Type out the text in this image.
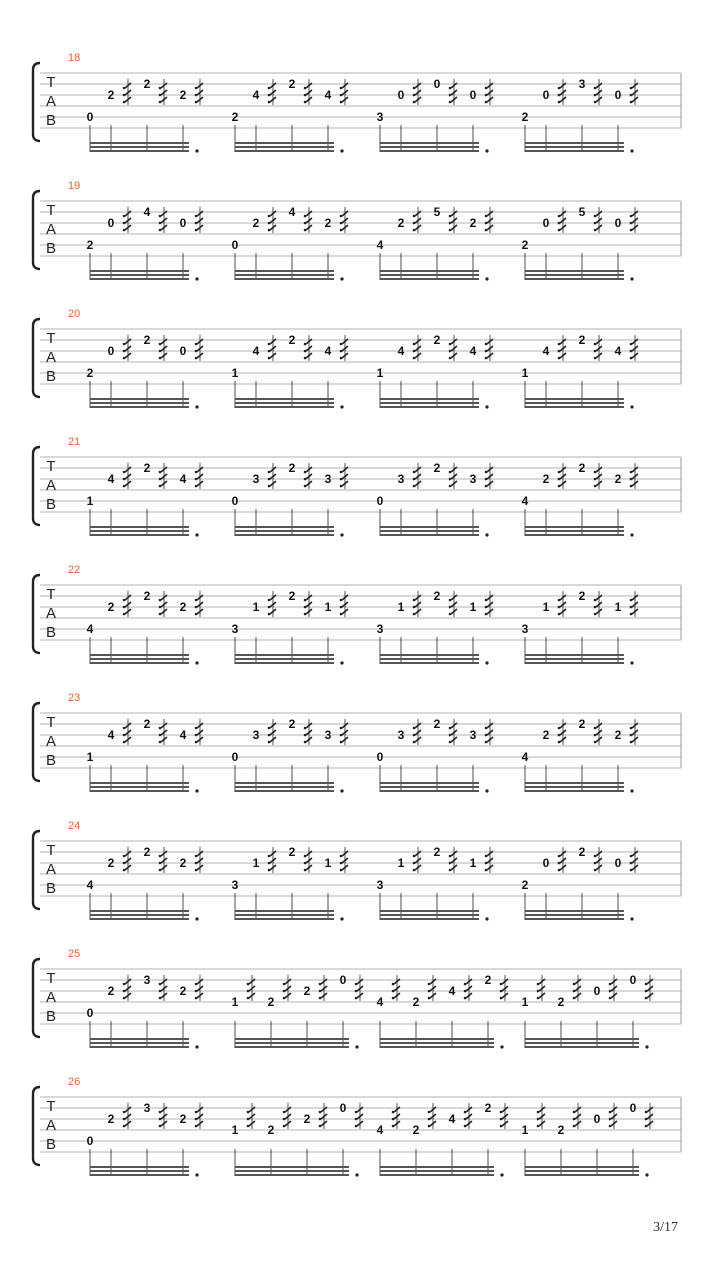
T
A
B
18
0
2
2
2
2
4
2
4
3
0
0
0
2
0
3
0
T
A
B
19
2
0
4
0
0
2
4
2
4
2
5
2
2
0
5
0
T
A
B
20
2
0
2
0
1
4
2
4
1
4
2
4
1
4
2
4
T
A
B
21
1
4
2
4
0
3
2
3
0
3
2
3
4
2
2
2
T
A
B
22
4
2
2
2
3
1
2
1
3
1
2
1
3
1
2
1
T
A
B
23
1
4
2
4
0
3
2
3
0
3
2
3
4
2
2
2
T
A
B
24
4
2
2
2
3
1
2
1
3
1
2
1
2
0
2
0
T
A
B
25
0
2
3
2
1 2
2
0
4 2
4
2
1 2
0
0
T
A
B
26
0
2
3
2
1 2
2
0
4 2
4
2
1 2
0
0
3/17
